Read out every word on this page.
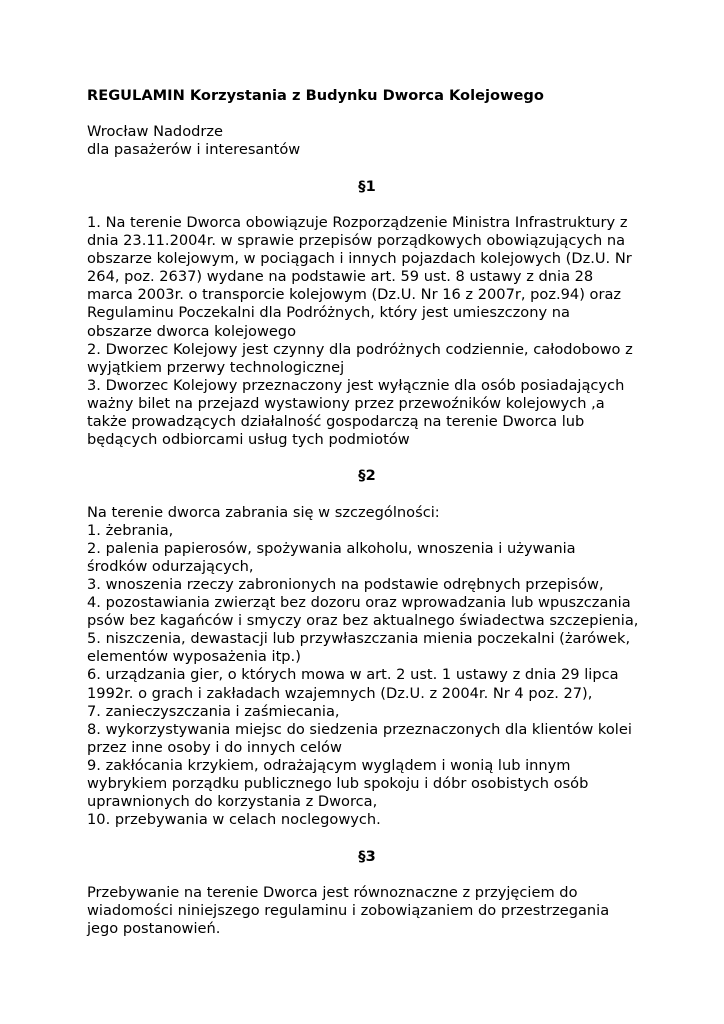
REGULAMIN Korzystania z Budynku Dworca Kolejowego

Wrocław Nadodrze

dla pasażerów i interesantów

§1

1. Na terenie Dworca obowiązuje Rozporządzenie Ministra Infrastruktury z

dnia 23.11.2004r. w sprawie przepisów porządkowych obowiązujących na

obszarze kolejowym, w pociągach i innych pojazdach kolejowych (Dz.U. Nr

264, poz. 2637) wydane na podstawie art. 59 ust. 8 ustawy z dnia 28

marca 2003r. o transporcie kolejowym (Dz.U. Nr 16 z 2007r, poz.94) oraz

Regulaminu Poczekalni dla Podróżnych, który jest umieszczony na

obszarze dworca kolejowego

2. Dworzec Kolejowy jest czynny dla podróżnych codziennie, całodobowo z

wyjątkiem przerwy technologicznej

3. Dworzec Kolejowy przeznaczony jest wyłącznie dla osób posiadających

ważny bilet na przejazd wystawiony przez przewoźników kolejowych ,a

także prowadzących działalność gospodarczą na terenie Dworca lub

będących odbiorcami usług tych podmiotów

§2

Na terenie dworca zabrania się w szczególności:

1. żebrania,

2. palenia papierosów, spożywania alkoholu, wnoszenia i używania

środków odurzających,

3. wnoszenia rzeczy zabronionych na podstawie odrębnych przepisów,

4. pozostawiania zwierząt bez dozoru oraz wprowadzania lub wpuszczania

psów bez kagańców i smyczy oraz bez aktualnego świadectwa szczepienia,

5. niszczenia, dewastacji lub przywłaszczania mienia poczekalni (żarówek,

elementów wyposażenia itp.)

6. urządzania gier, o których mowa w art. 2 ust. 1 ustawy z dnia 29 lipca

1992r. o grach i zakładach wzajemnych (Dz.U. z 2004r. Nr 4 poz. 27),

7. zanieczyszczania i zaśmiecania,

8. wykorzystywania miejsc do siedzenia przeznaczonych dla klientów kolei

przez inne osoby i do innych celów

9. zakłócania krzykiem, odrażającym wyglądem i wonią lub innym

wybrykiem porządku publicznego lub spokoju i dóbr osobistych osób

uprawnionych do korzystania z Dworca,

10. przebywania w celach noclegowych.

§3

Przebywanie na terenie Dworca jest równoznaczne z przyjęciem do

wiadomości niniejszego regulaminu i zobowiązaniem do przestrzegania

jego postanowień.
